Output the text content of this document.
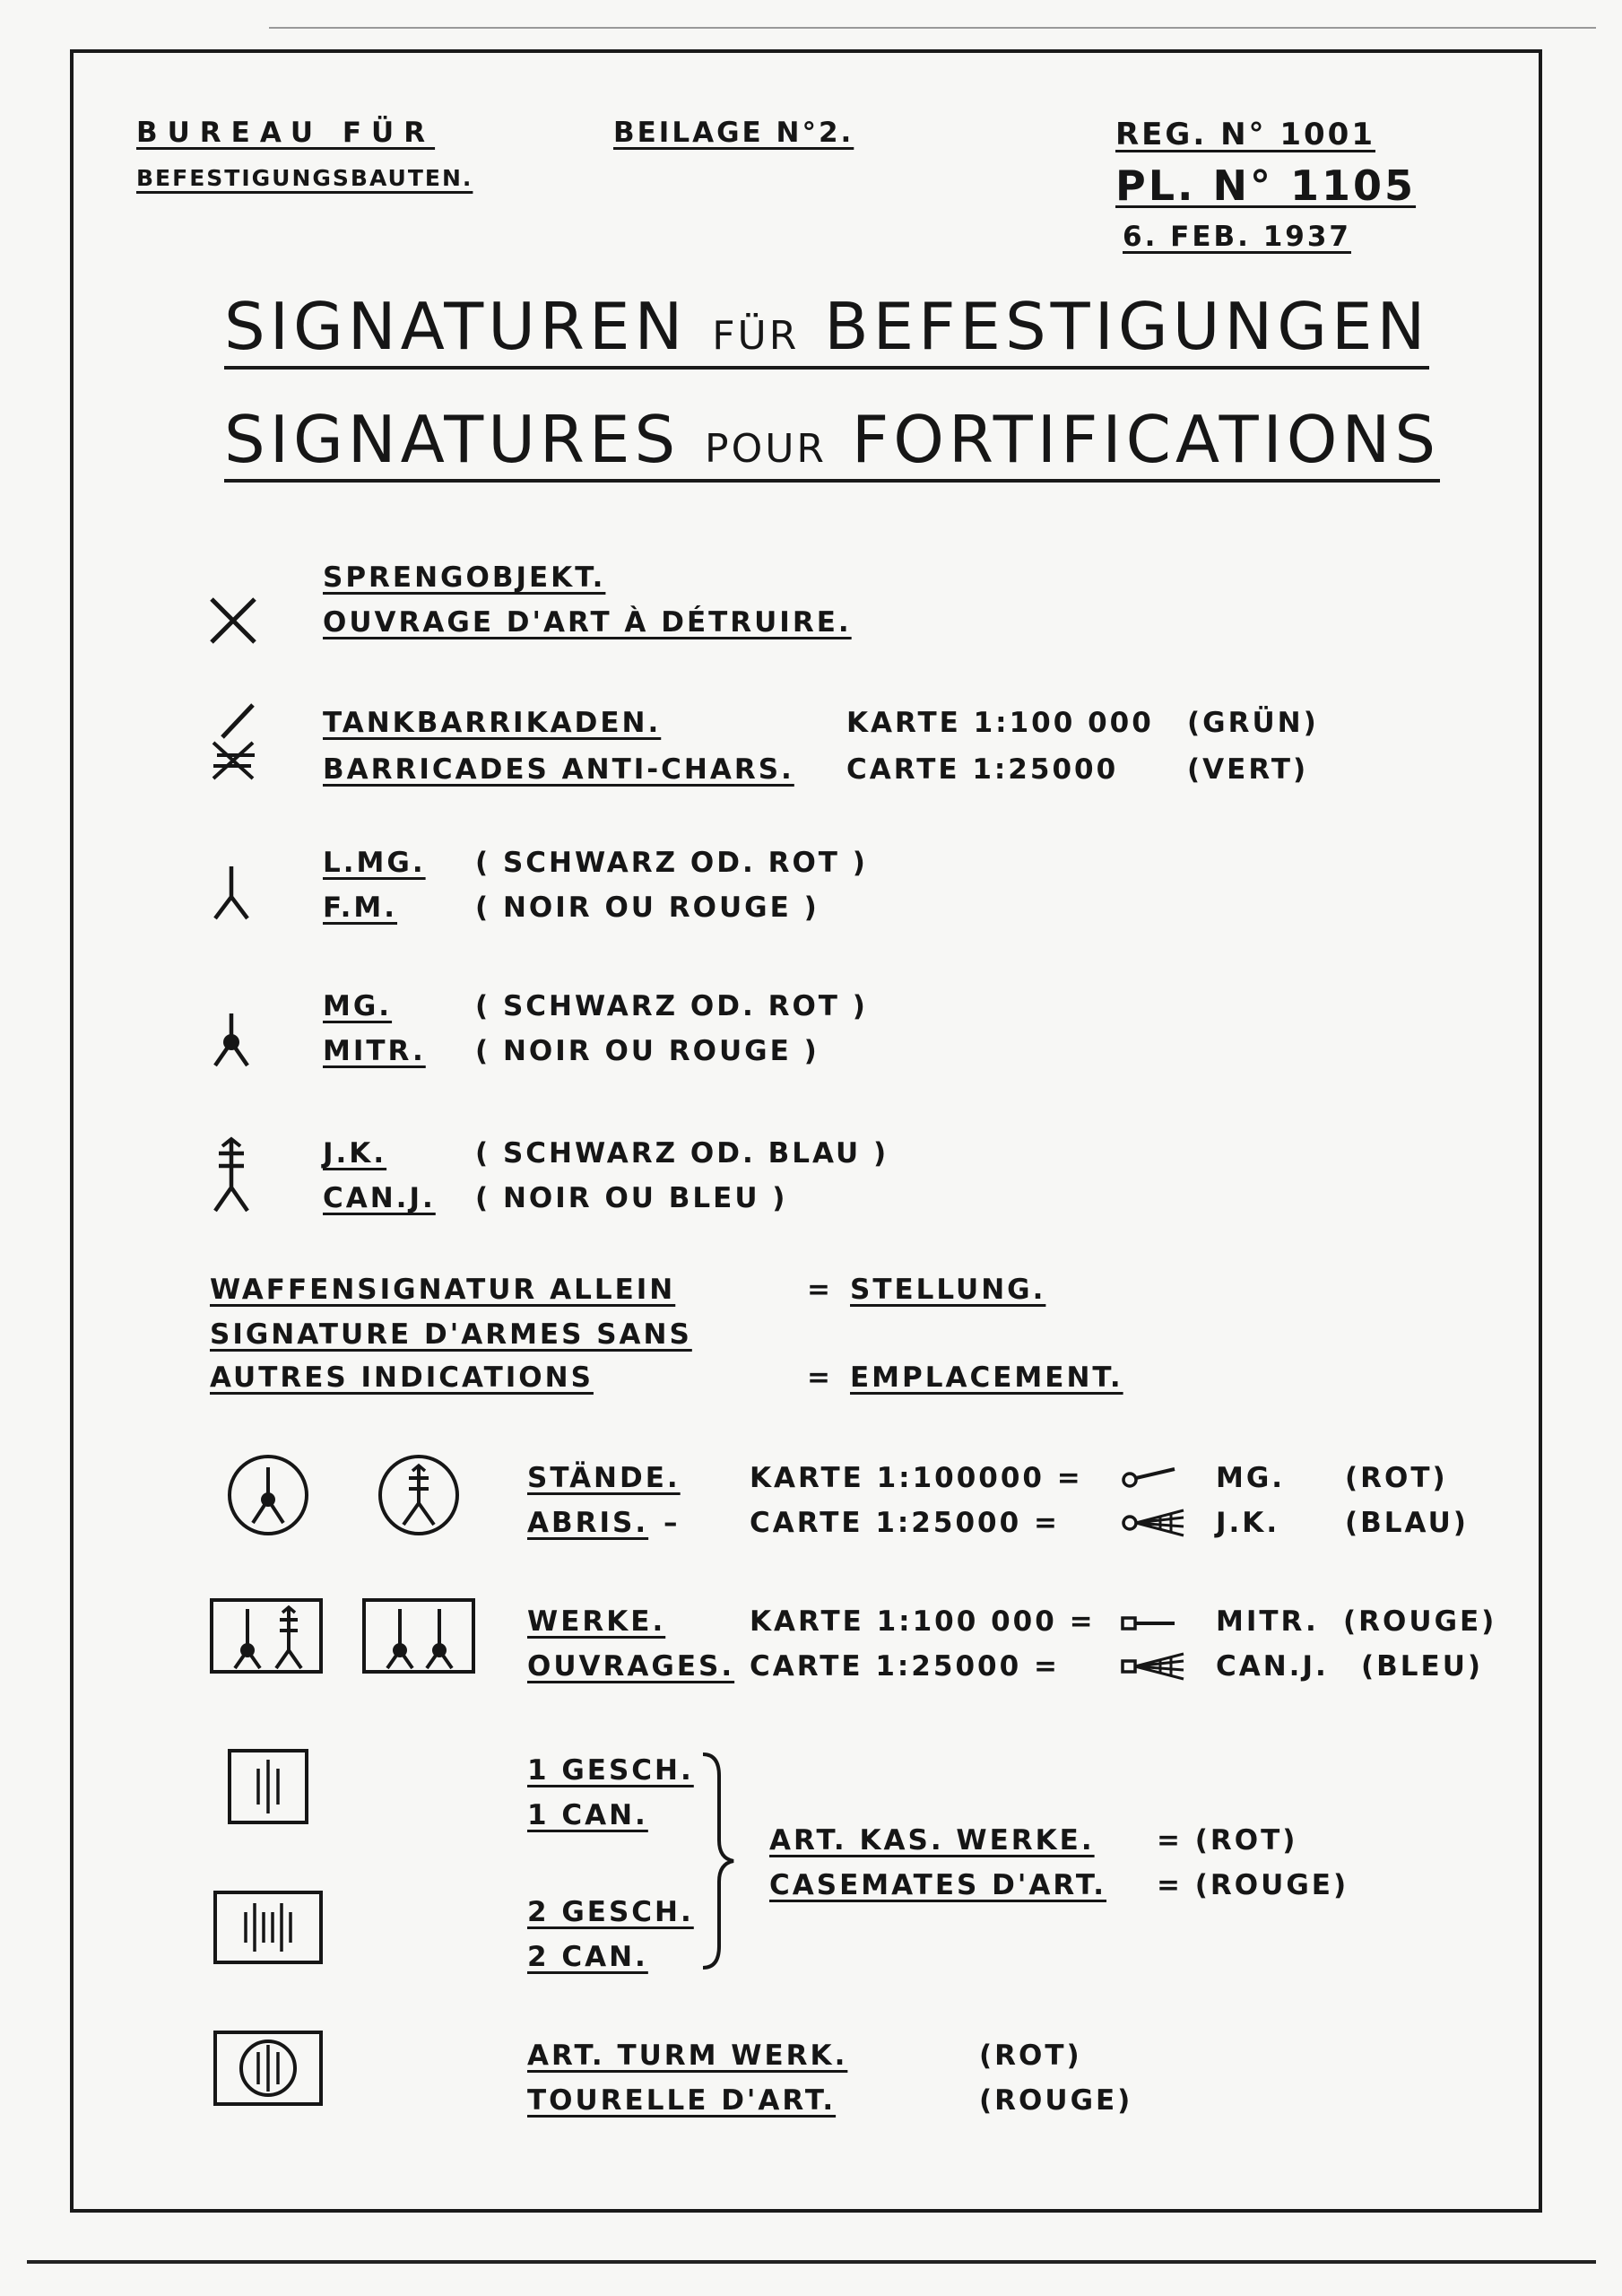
BUREAU FÜR
BEFESTIGUNGSBAUTEN.
BEILAGE N°2.	REG. N° 1001
PL. N° 1105
6. FEB. 1937
SIGNATUREN FÜR BEFESTIGUNGEN
SIGNATURES POUR FORTIFICATIONS
SPRENGOBJEKT.
OUVRAGE D'ART À DÉTRUIRE.
TANKBARRIKADEN.
BARRICADES ANTI-CHARS.
KARTE 1:100 000
CARTE 1:25000
(GRÜN)
(VERT)
L.MG.
F.M.
( SCHWARZ OD. ROT )
( NOIR OU ROUGE )
MG.
MITR.
( SCHWARZ OD. ROT )
( NOIR OU ROUGE )
J.K.
CAN.J.
( SCHWARZ OD. BLAU )
( NOIR OU BLEU )
WAFFENSIGNATUR ALLEIN
SIGNATURE D'ARMES SANS
AUTRES INDICATIONS
= STELLUNG.
= EMPLACEMENT.
STÄNDE.
ABRIS. –
KARTE 1:100000 =
CARTE 1:25000 =
MG.
J.K.
(ROT)
(BLAU)
WERKE.
OUVRAGES.
KARTE 1:100 000 =
CARTE 1:25000 =
MITR.
CAN.J.
(ROUGE)
(BLEU)
1 GESCH.
1 CAN.
2 GESCH.
2 CAN.
ART. KAS. WERKE.
CASEMATES D'ART.
= (ROT)
= (ROUGE)
ART. TURM WERK.
TOURELLE D'ART.
(ROT)
(ROUGE)
